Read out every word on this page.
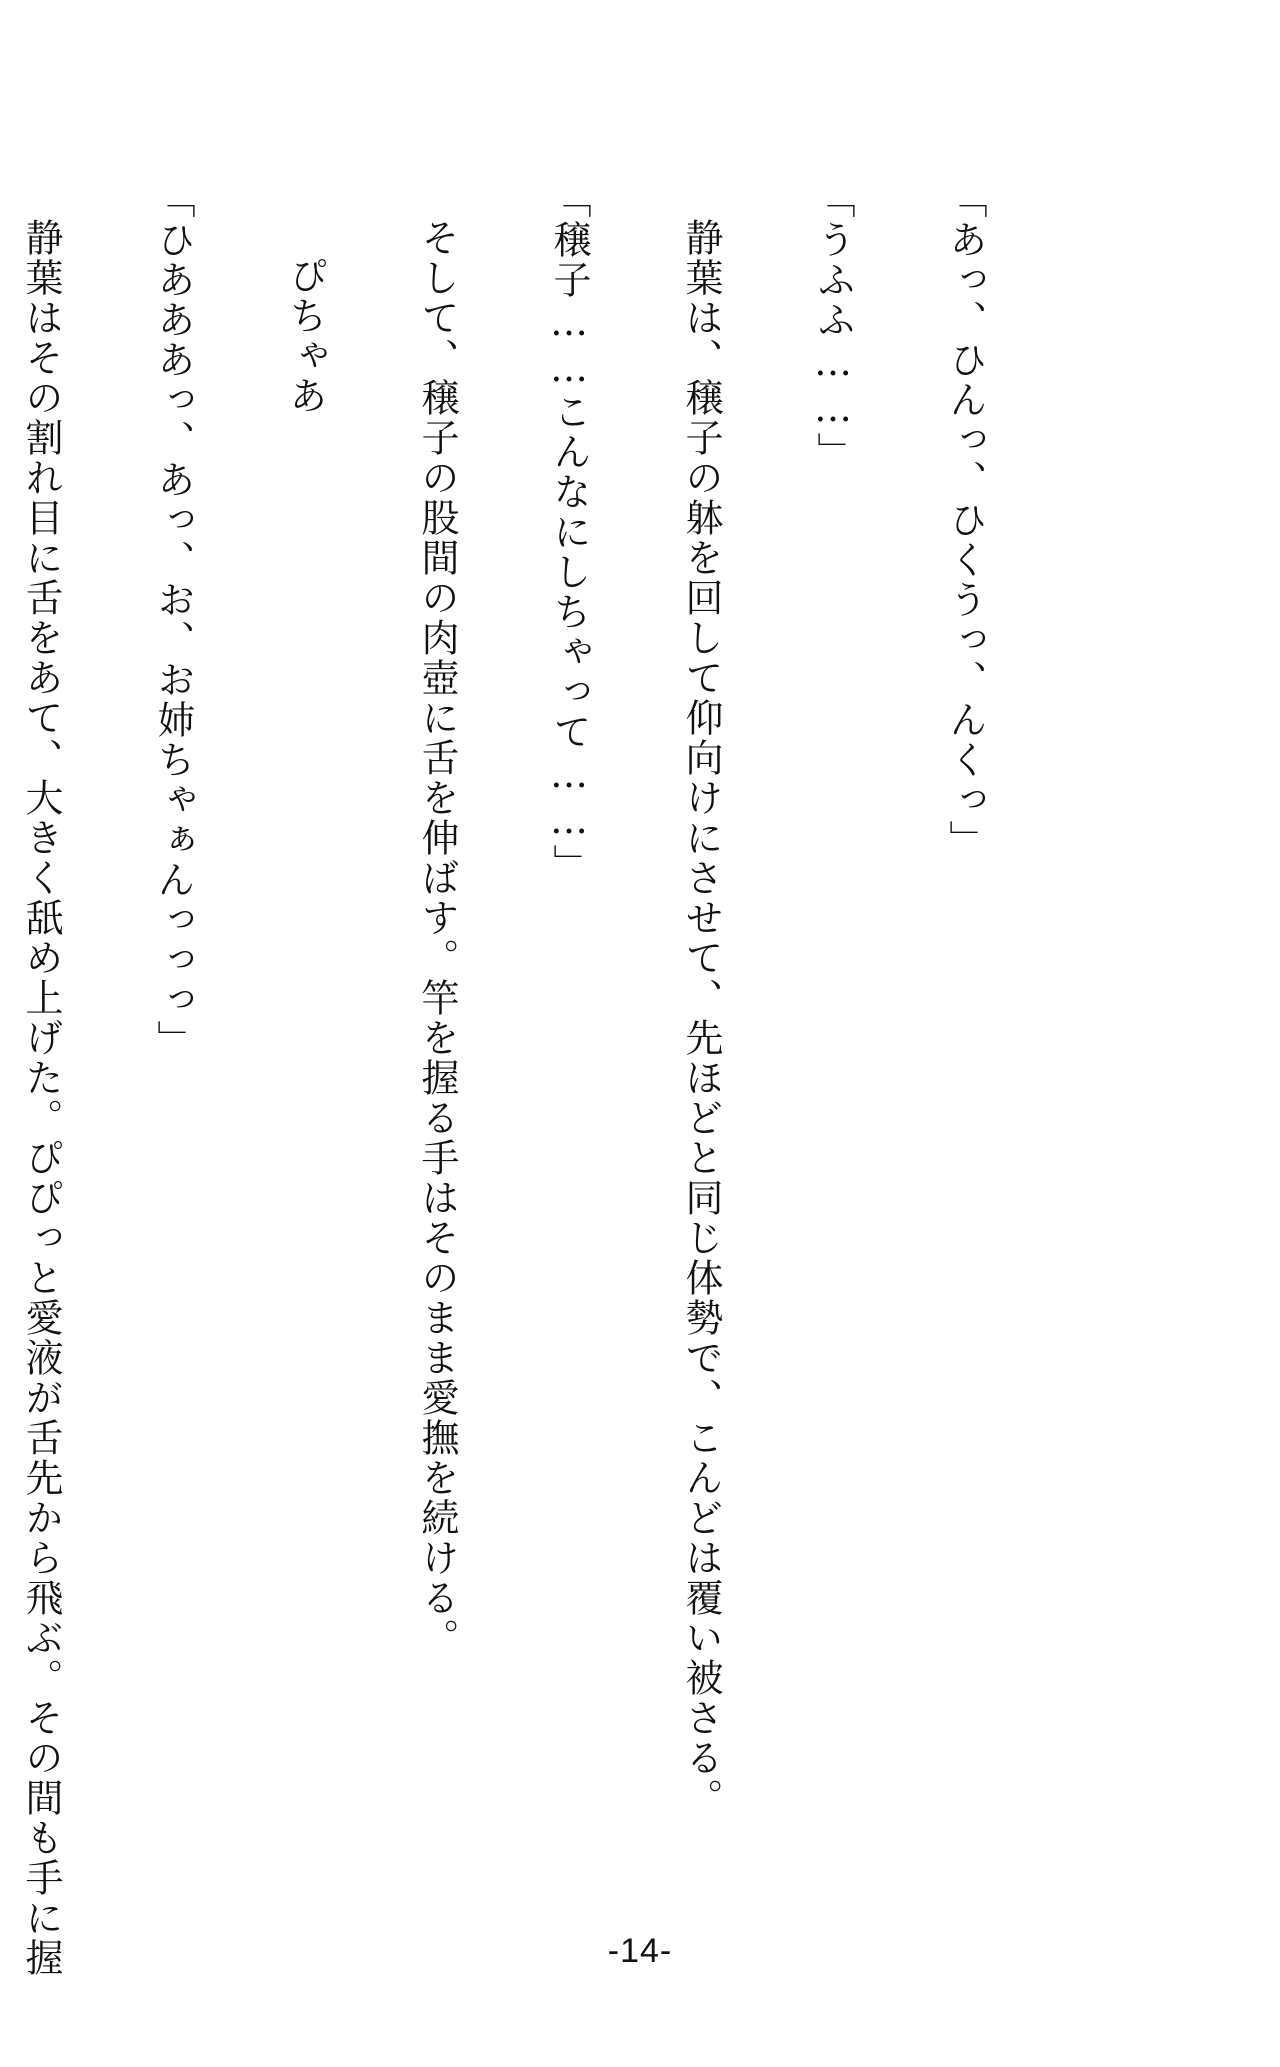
「あっ、ひんっ、ひくうっ、んくっ」

「うふふ……」

静葉は、穣子の躰を回して仰向けにさせて、先ほどと同じ体勢で、こんどは覆い被さる。

「穣子……こんなにしちゃって……」

そして、穣子の股間の肉壺に舌を伸ばす。竿を握る手はそのまま愛撫を続ける。

ぴちゃあ

「ひあああっ、あっ、お、お姉ちゃぁんっっっ」

静葉はその割れ目に舌をあて、大きく舐め上げた。ぴぴっと愛液が舌先から飛ぶ。その間も手に握

	-14-
